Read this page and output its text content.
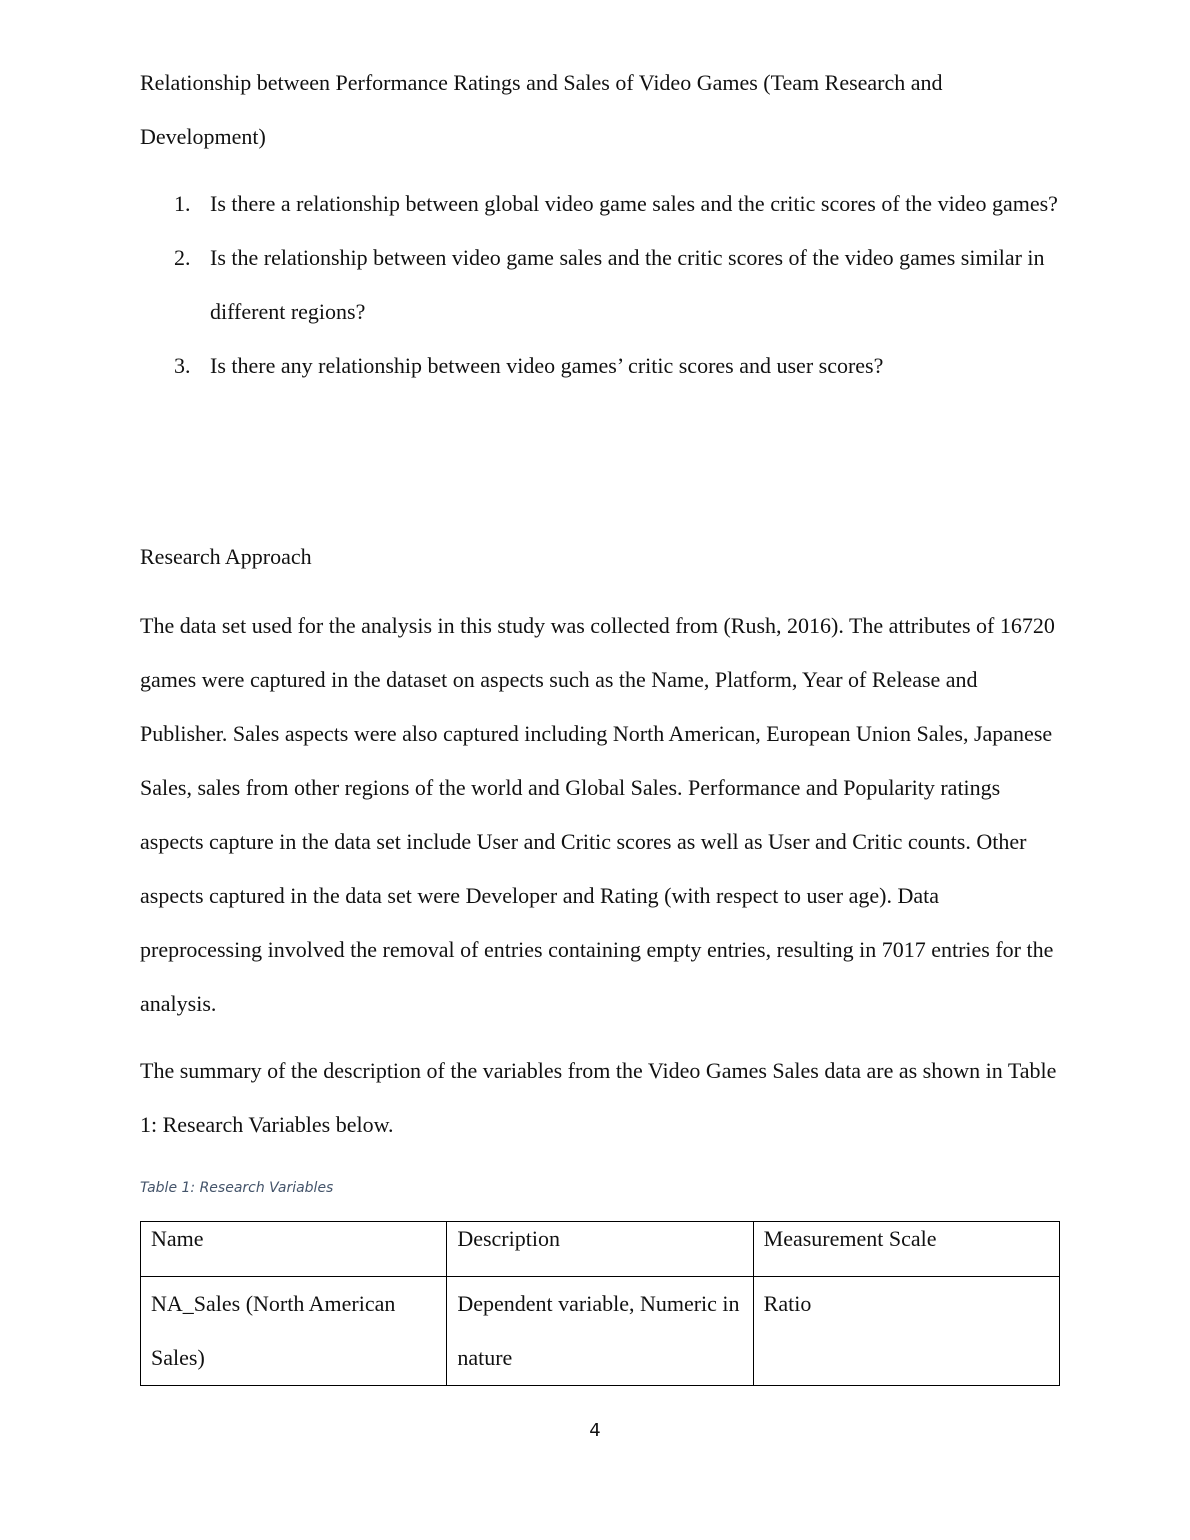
Relationship between Performance Ratings and Sales of Video Games (Team Research and Development)

1. Is there a relationship between global video game sales and the critic scores of the video games?
2. Is the relationship between video game sales and the critic scores of the video games similar in different regions?
3. Is there any relationship between video games’ critic scores and user scores?

Research Approach

The data set used for the analysis in this study was collected from (Rush, 2016). The attributes of 16720 games were captured in the dataset on aspects such as the Name, Platform, Year of Release and Publisher. Sales aspects were also captured including North American, European Union Sales, Japanese Sales, sales from other regions of the world and Global Sales. Performance and Popularity ratings aspects capture in the data set include User and Critic scores as well as User and Critic counts. Other aspects captured in the data set were Developer and Rating (with respect to user age). Data preprocessing involved the removal of entries containing empty entries, resulting in 7017 entries for the analysis.

The summary of the description of the variables from the Video Games Sales data are as shown in Table 1: Research Variables below.

Table 1: Research Variables

Name	Description	Measurement Scale
NA_Sales (North American Sales)	Dependent variable, Numeric in nature	Ratio

4
